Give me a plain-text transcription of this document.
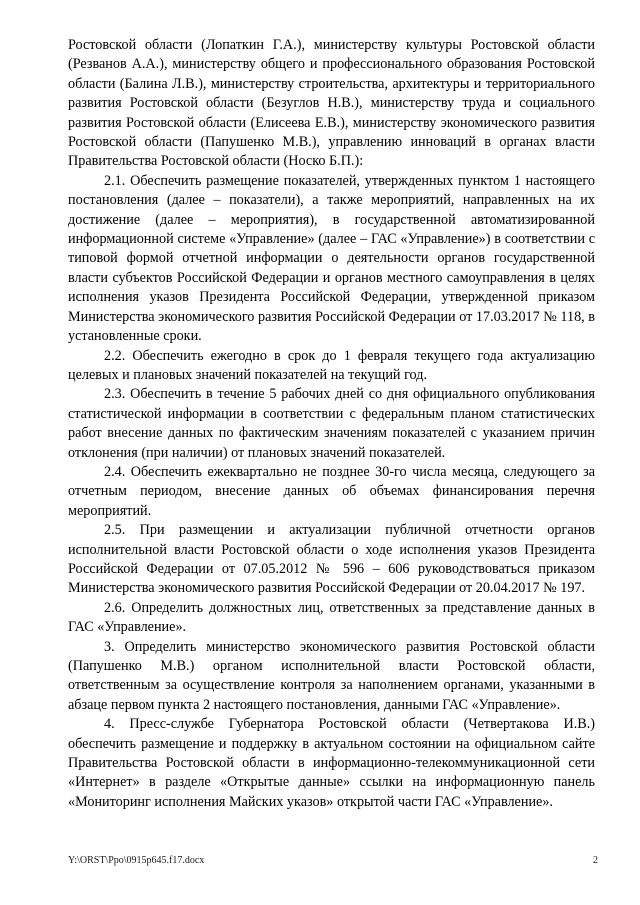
Ростовской области (Лопаткин Г.А.), министерству культуры Ростовской области (Резванов А.А.), министерству общего и профессионального образования Ростовской области (Балина Л.В.), министерству строительства, архитектуры и территориального развития Ростовской области (Безуглов Н.В.), министерству труда и социального развития Ростовской области (Елисеева Е.В.), министерству экономического развития Ростовской области (Папушенко М.В.), управлению инноваций в органах власти Правительства Ростовской области (Носко Б.П.):

2.1. Обеспечить размещение показателей, утвержденных пунктом 1 настоящего постановления (далее – показатели), а также мероприятий, направленных на их достижение (далее – мероприятия), в государственной автоматизированной информационной системе «Управление» (далее – ГАС «Управление») в соответствии с типовой формой отчетной информации о деятельности органов государственной власти субъектов Российской Федерации и органов местного самоуправления в целях исполнения указов Президента Российской Федерации, утвержденной приказом Министерства экономического развития Российской Федерации от 17.03.2017 № 118, в установленные сроки.

2.2. Обеспечить ежегодно в срок до 1 февраля текущего года актуализацию целевых и плановых значений показателей на текущий год.

2.3. Обеспечить в течение 5 рабочих дней со дня официального опубликования статистической информации в соответствии с федеральным планом статистических работ внесение данных по фактическим значениям показателей с указанием причин отклонения (при наличии) от плановых значений показателей.

2.4. Обеспечить ежеквартально не позднее 30-го числа месяца, следующего за отчетным периодом, внесение данных об объемах финансирования перечня мероприятий.

2.5. При размещении и актуализации публичной отчетности органов исполнительной власти Ростовской области о ходе исполнения указов Президента Российской Федерации от 07.05.2012 № 596 – 606 руководствоваться приказом Министерства экономического развития Российской Федерации от 20.04.2017 № 197.

2.6. Определить должностных лиц, ответственных за представление данных в ГАС «Управление».

3. Определить министерство экономического развития Ростовской области (Папушенко М.В.) органом исполнительной власти Ростовской области, ответственным за осуществление контроля за наполнением органами, указанными в абзаце первом пункта 2 настоящего постановления, данными ГАС «Управление».

4. Пресс-службе Губернатора Ростовской области (Четвертакова И.В.) обеспечить размещение и поддержку в актуальном состоянии на официальном сайте Правительства Ростовской области в информационно-телекоммуникационной сети «Интернет» в разделе «Открытые данные» ссылки на информационную панель «Мониторинг исполнения Майских указов» открытой части ГАС «Управление».

Y:\ORST\Ppo\0915p645.f17.docx	2
